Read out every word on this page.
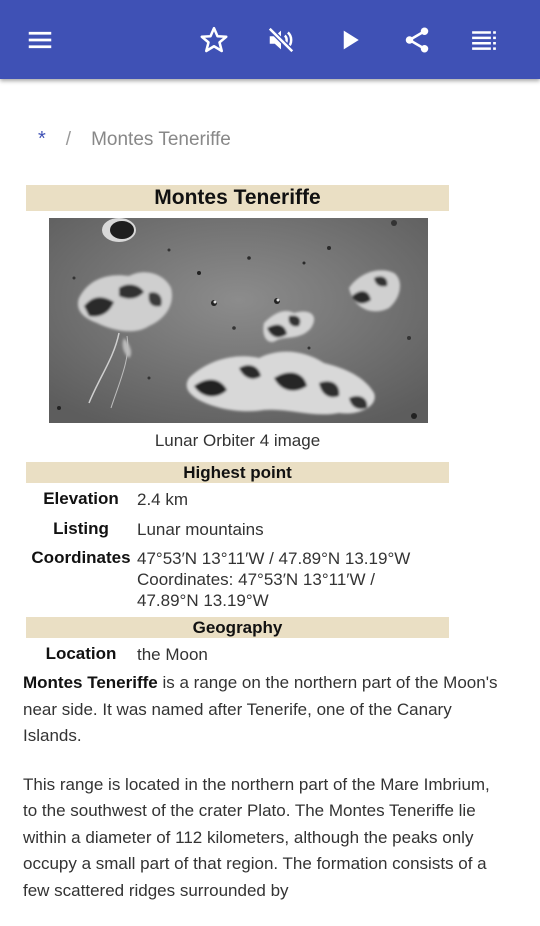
* / Montes Teneriffe
Montes Teneriffe
Lunar Orbiter 4 image
Highest point
Elevation	2.4 km
Listing	Lunar mountains
Coordinates 47°53′N 13°11′W / 47.89°N 13.19°W
Coordinates: 47°53′N 13°11′W /
47.89°N 13.19°W
Geography
Location	the Moon

Montes Teneriffe is a range on the northern part of the Moon's near side. It was named after Tenerife, one of the Canary Islands.

This range is located in the northern part of the Mare Imbrium, to the southwest of the crater Plato. The Montes Teneriffe lie within a diameter of 112 kilometers, although the peaks only occupy a small part of that region. The formation consists of a few scattered ridges surrounded by
